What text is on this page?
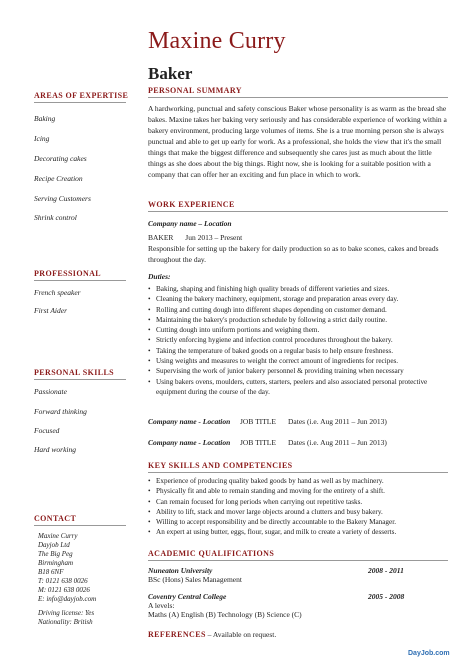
Maxine Curry
Baker
AREAS OF EXPERTISE
Baking
Icing
Decorating cakes
Recipe Creation
Serving Customers
Shrink control
PROFESSIONAL
French speaker
First Aider
PERSONAL SKILLS
Passionate
Forward thinking
Focused
Hard working
CONTACT
Maxine Curry
Dayjob Ltd
The Big Peg
Birmingham
B18 6NF
T: 0121 638 0026
M: 0121 638 0026
E: info@dayjob.com
Driving license: Yes
Nationality: British
PERSONAL SUMMARY
A hardworking, punctual and safety conscious Baker whose personality is as warm as the bread she bakes. Maxine takes her baking very seriously and has considerable experience of working within a bakery environment, producing large volumes of items. She is a true morning person she is always punctual and able to get up early for work. As a professional, she holds the view that it's the small things that make the biggest difference and subsequently she cares just as much about the little things as she does about the big things. Right now, she is looking for a suitable position with a company that can offer her an exciting and fun place in which to work.
WORK EXPERIENCE
Company name – Location
BAKER Jun 2013 – Present
Responsible for setting up the bakery for daily production so as to bake scones, cakes and breads throughout the day.
Duties:
• Baking, shaping and finishing high quality breads of different varieties and sizes.
• Cleaning the bakery machinery, equipment, storage and preparation areas every day.
• Rolling and cutting dough into different shapes depending on customer demand.
• Maintaining the bakery's production schedule by following a strict daily routine.
• Cutting dough into uniform portions and weighing them.
• Strictly enforcing hygiene and infection control procedures throughout the bakery.
• Taking the temperature of baked goods on a regular basis to help ensure freshness.
• Using weights and measures to weight the correct amount of ingredients for recipes.
• Supervising the work of junior bakery personnel & providing training when necessary
• Using bakers ovens, moulders, cutters, starters, peelers and also associated personal protective equipment during the course of the day.
Company name - Location JOB TITLE Dates (i.e. Aug 2011 – Jun 2013)
Company name - Location JOB TITLE Dates (i.e. Aug 2011 – Jun 2013)
KEY SKILLS AND COMPETENCIES
• Experience of producing quality baked goods by hand as well as by machinery.
• Physically fit and able to remain standing and moving for the entirety of a shift.
• Can remain focused for long periods when carrying out repetitive tasks.
• Ability to lift, stack and mover large objects around a clutters and busy bakery.
• Willing to accept responsibility and be directly accountable to the Bakery Manager.
• An expert at using butter, eggs, flour, sugar, and milk to create a variety of desserts.
ACADEMIC QUALIFICATIONS
Nuneaton University	2008 - 2011
BSc (Hons) Sales Management
Coventry Central College	2005 - 2008
A levels:
Maths (A) English (B) Technology (B) Science (C)
REFERENCES – Available on request.
DayJob.com
